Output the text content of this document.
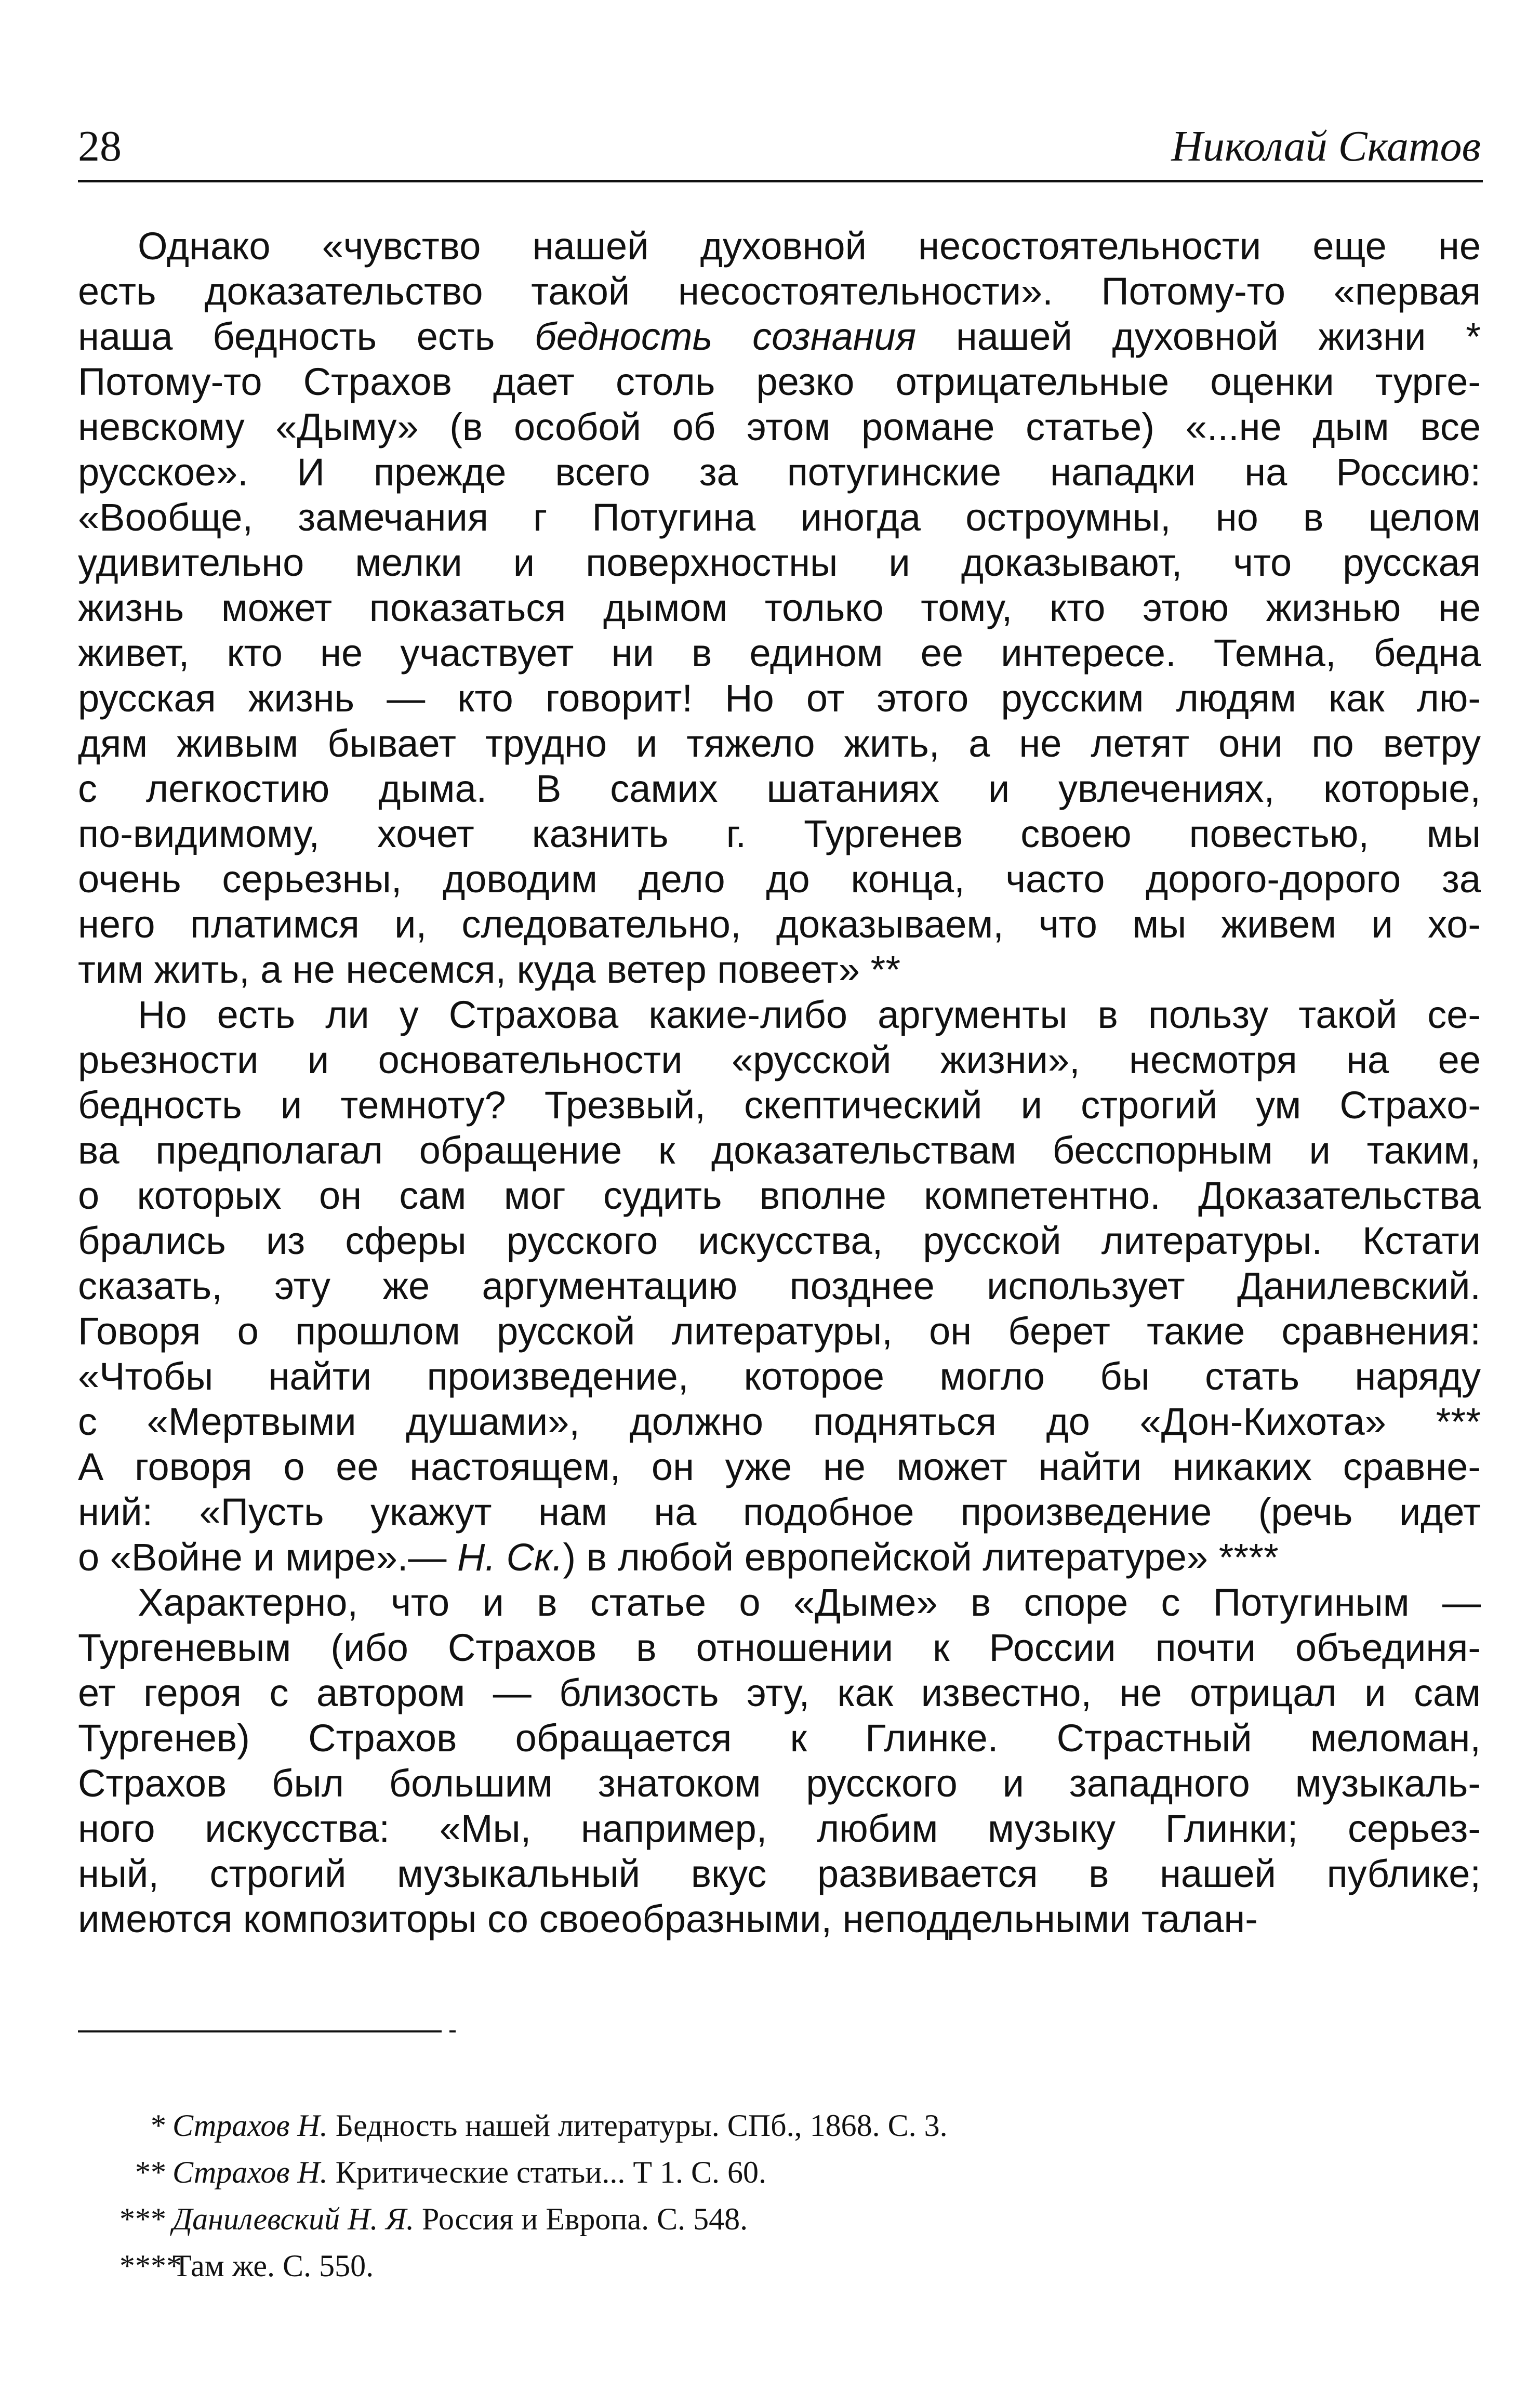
28	Николай Скатов
Однако «чувство нашей духовной несостоятельности еще не
есть доказательство такой несостоятельности». Потому-то «первая
наша бедность есть бедность сознания нашей духовной жизни *
Потому-то Страхов дает столь резко отрицательные оценки турге-
невскому «Дыму» (в особой об этом романе статье) «...не дым все
русское». И прежде всего за потугинские нападки на Россию:
«Вообще, замечания г Потугина иногда остроумны, но в целом
удивительно мелки и поверхностны и доказывают, что русская
жизнь может показаться дымом только тому, кто этою жизнью не
живет, кто не участвует ни в едином ее интересе. Темна, бедна
русская жизнь — кто говорит! Но от этого русским людям как лю-
дям живым бывает трудно и тяжело жить, а не летят они по ветру
с легкостию дыма. В самих шатаниях и увлечениях, которые,
по-видимому, хочет казнить г. Тургенев своею повестью, мы
очень серьезны, доводим дело до конца, часто дорого-дорого за
него платимся и, следовательно, доказываем, что мы живем и хо-
тим жить, а не несемся, куда ветер повеет» **
Но есть ли у Страхова какие-либо аргументы в пользу такой се-
рьезности и основательности «русской жизни», несмотря на ее
бедность и темноту? Трезвый, скептический и строгий ум Страхо-
ва предполагал обращение к доказательствам бесспорным и таким,
о которых он сам мог судить вполне компетентно. Доказательства
брались из сферы русского искусства, русской литературы. Кстати
сказать, эту же аргументацию позднее использует Данилевский.
Говоря о прошлом русской литературы, он берет такие сравнения:
«Чтобы найти произведение, которое могло бы стать наряду
с «Мертвыми душами», должно подняться до «Дон-Кихота» ***
А говоря о ее настоящем, он уже не может найти никаких сравне-
ний: «Пусть укажут нам на подобное произведение (речь идет
о «Войне и мире».— Н. Ск.) в любой европейской литературе» ****
Характерно, что и в статье о «Дыме» в споре с Потугиным —
Тургеневым (ибо Страхов в отношении к России почти объединя-
ет героя с автором — близость эту, как известно, не отрицал и сам
Тургенев) Страхов обращается к Глинке. Страстный меломан,
Страхов был большим знатоком русского и западного музыкаль-
ного искусства: «Мы, например, любим музыку Глинки; серьез-
ный, строгий музыкальный вкус развивается в нашей публике;
имеются композиторы со своеобразными, неподдельными талан-
* Страхов Н. Бедность нашей литературы. СПб., 1868. С. 3.
** Страхов Н. Критические статьи... Т 1. С. 60.
*** Данилевский Н. Я. Россия и Европа. С. 548.
****Там же. С. 550.
